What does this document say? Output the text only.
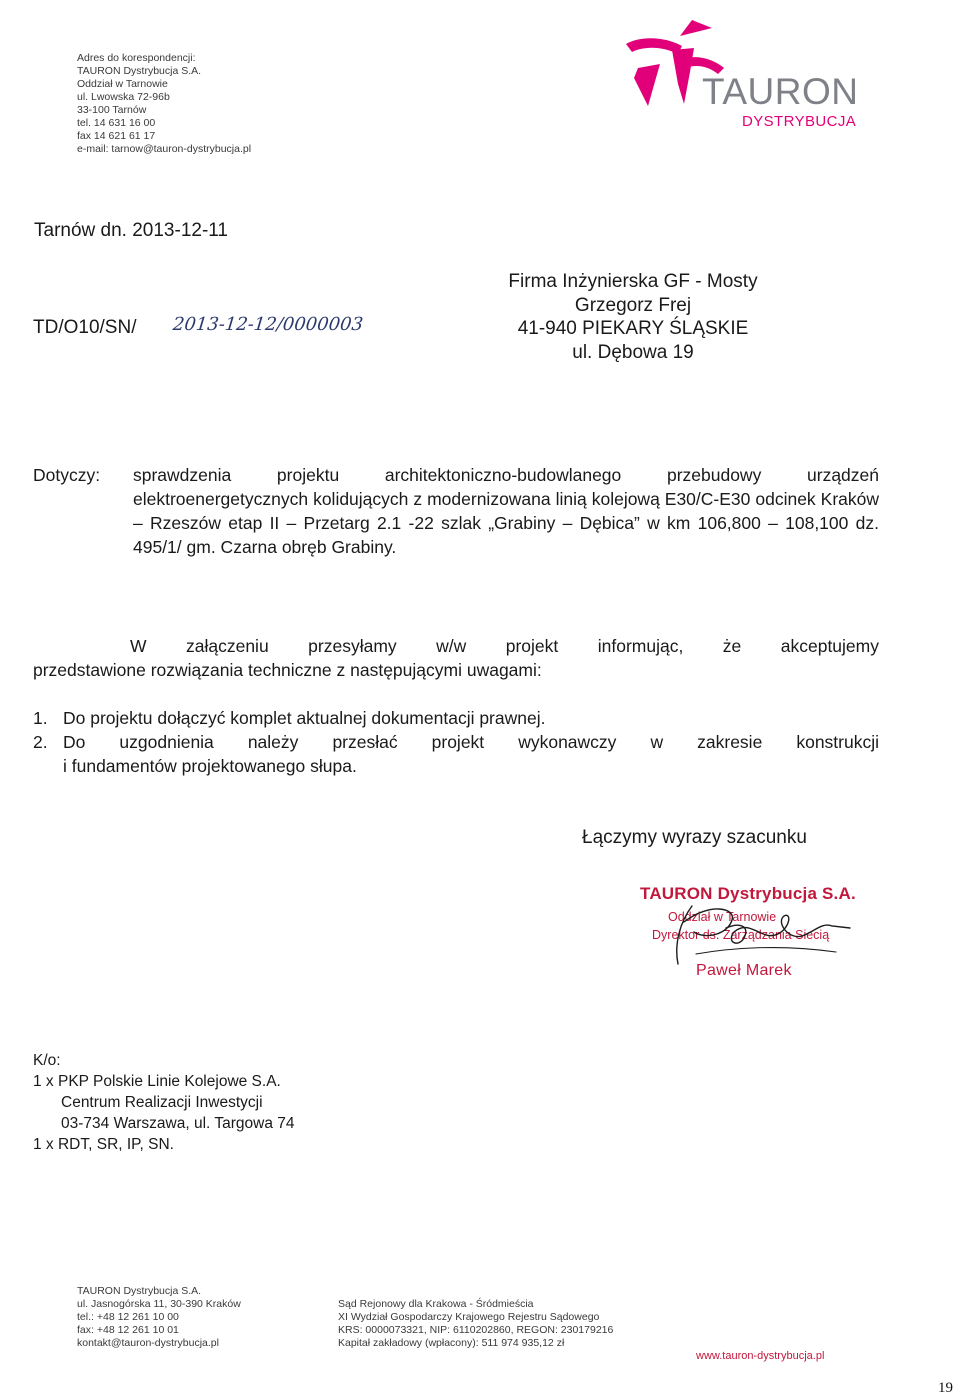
Adres do korespondencji:
TAURON Dystrybucja S.A.
Oddział w Tarnowie
ul. Lwowska 72-96b
33-100 Tarnów
tel. 14 631 16 00
fax 14 621 61 17
e-mail: tarnow@tauron-dystrybucja.pl
TAURON
DYSTRYBUCJA
Tarnów dn. 2013-12-11
Firma Inżynierska GF - Mosty
Grzegorz Frej
41-940 PIEKARY ŚLĄSKIE
ul. Dębowa 19
TD/O10/SN/ 2013-12-12/0000003
Dotyczy: sprawdzenia projektu architektoniczno-budowlanego przebudowy urządzeń elektroenergetycznych kolidujących z modernizowana linią kolejową E30/C-E30 odcinek Kraków – Rzeszów etap II – Przetarg 2.1 -22 szlak „Grabiny – Dębica” w km 106,800 – 108,100 dz. 495/1/ gm. Czarna obręb Grabiny.
W załączeniu przesyłamy w/w projekt informując, że akceptujemy
przedstawione rozwiązania techniczne z następującymi uwagami:
1. Do projektu dołączyć komplet aktualnej dokumentacji prawnej.
2. Do uzgodnienia należy przesłać projekt wykonawczy w zakresie konstrukcji
i fundamentów projektowanego słupa.
Łączymy wyrazy szacunku
TAURON Dystrybucja S.A.
Oddział w Tarnowie
Dyrektor ds. Zarządzania Siecią
Paweł Marek
K/o:
1 x PKP Polskie Linie Kolejowe S.A.
Centrum Realizacji Inwestycji
03-734 Warszawa, ul. Targowa 74
1 x RDT, SR, IP, SN.
TAURON Dystrybucja S.A.
ul. Jasnogórska 11, 30-390 Kraków
tel.: +48 12 261 10 00
fax: +48 12 261 10 01
kontakt@tauron-dystrybucja.pl
Sąd Rejonowy dla Krakowa - Śródmieścia
XI Wydział Gospodarczy Krajowego Rejestru Sądowego
KRS: 0000073321, NIP: 6110202860, REGON: 230179216
Kapitał zakładowy (wpłacony): 511 974 935,12 zł
www.tauron-dystrybucja.pl
19
